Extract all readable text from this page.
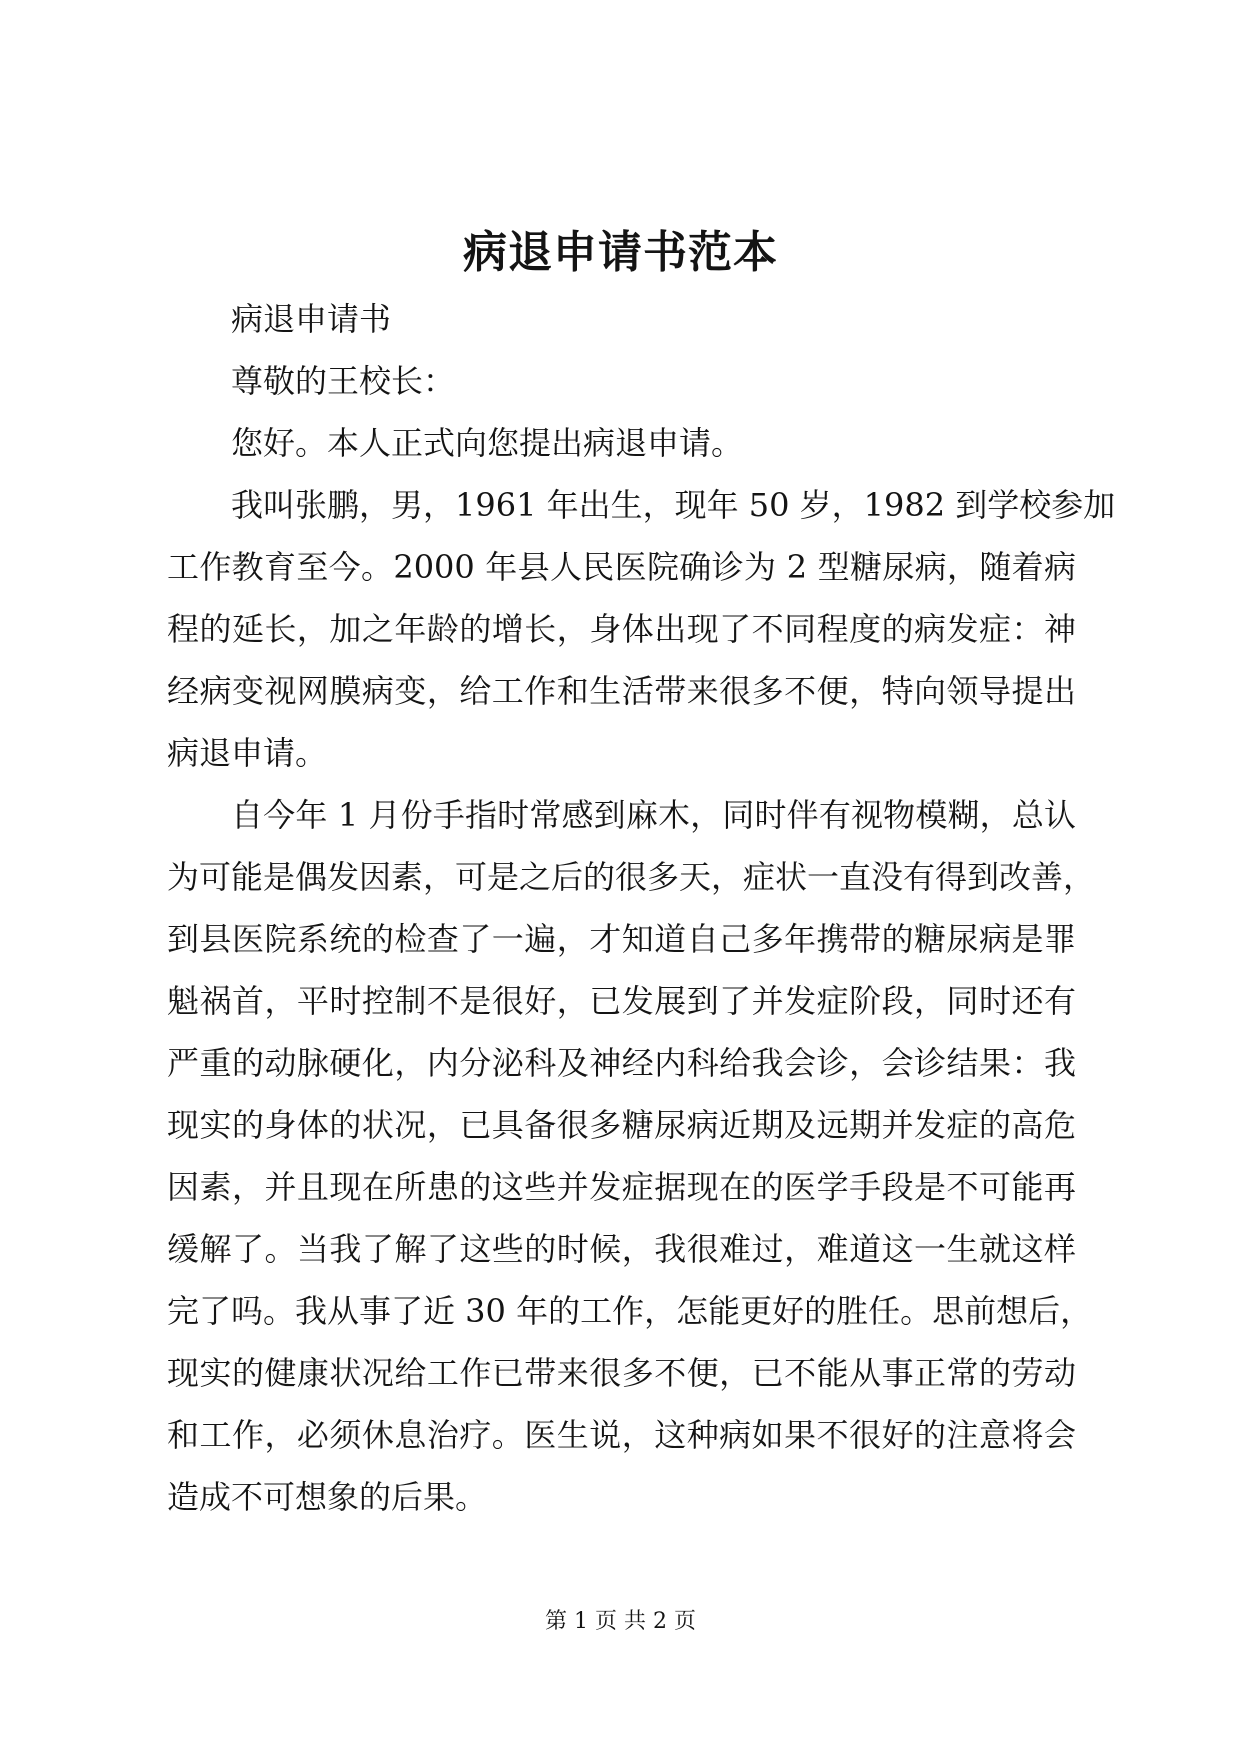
病退申请书范本
病退申请书
尊敬的王校长：
您好。本人正式向您提出病退申请。
我叫张鹏，男，1961 年出生，现年 50 岁，1982 到学校参加
工作教育至今。2000 年县人民医院确诊为 2 型糖尿病，随着病
程的延长，加之年龄的增长，身体出现了不同程度的病发症：神
经病变视网膜病变，给工作和生活带来很多不便，特向领导提出
病退申请。
自今年 1 月份手指时常感到麻木，同时伴有视物模糊，总认
为可能是偶发因素，可是之后的很多天，症状一直没有得到改善，
到县医院系统的检查了一遍，才知道自己多年携带的糖尿病是罪
魁祸首，平时控制不是很好，已发展到了并发症阶段，同时还有
严重的动脉硬化，内分泌科及神经内科给我会诊，会诊结果：我
现实的身体的状况，已具备很多糖尿病近期及远期并发症的高危
因素，并且现在所患的这些并发症据现在的医学手段是不可能再
缓解了。当我了解了这些的时候，我很难过，难道这一生就这样
完了吗。我从事了近 30 年的工作，怎能更好的胜任。思前想后，
现实的健康状况给工作已带来很多不便，已不能从事正常的劳动
和工作，必须休息治疗。医生说，这种病如果不很好的注意将会
造成不可想象的后果。
第 1 页 共 2 页
